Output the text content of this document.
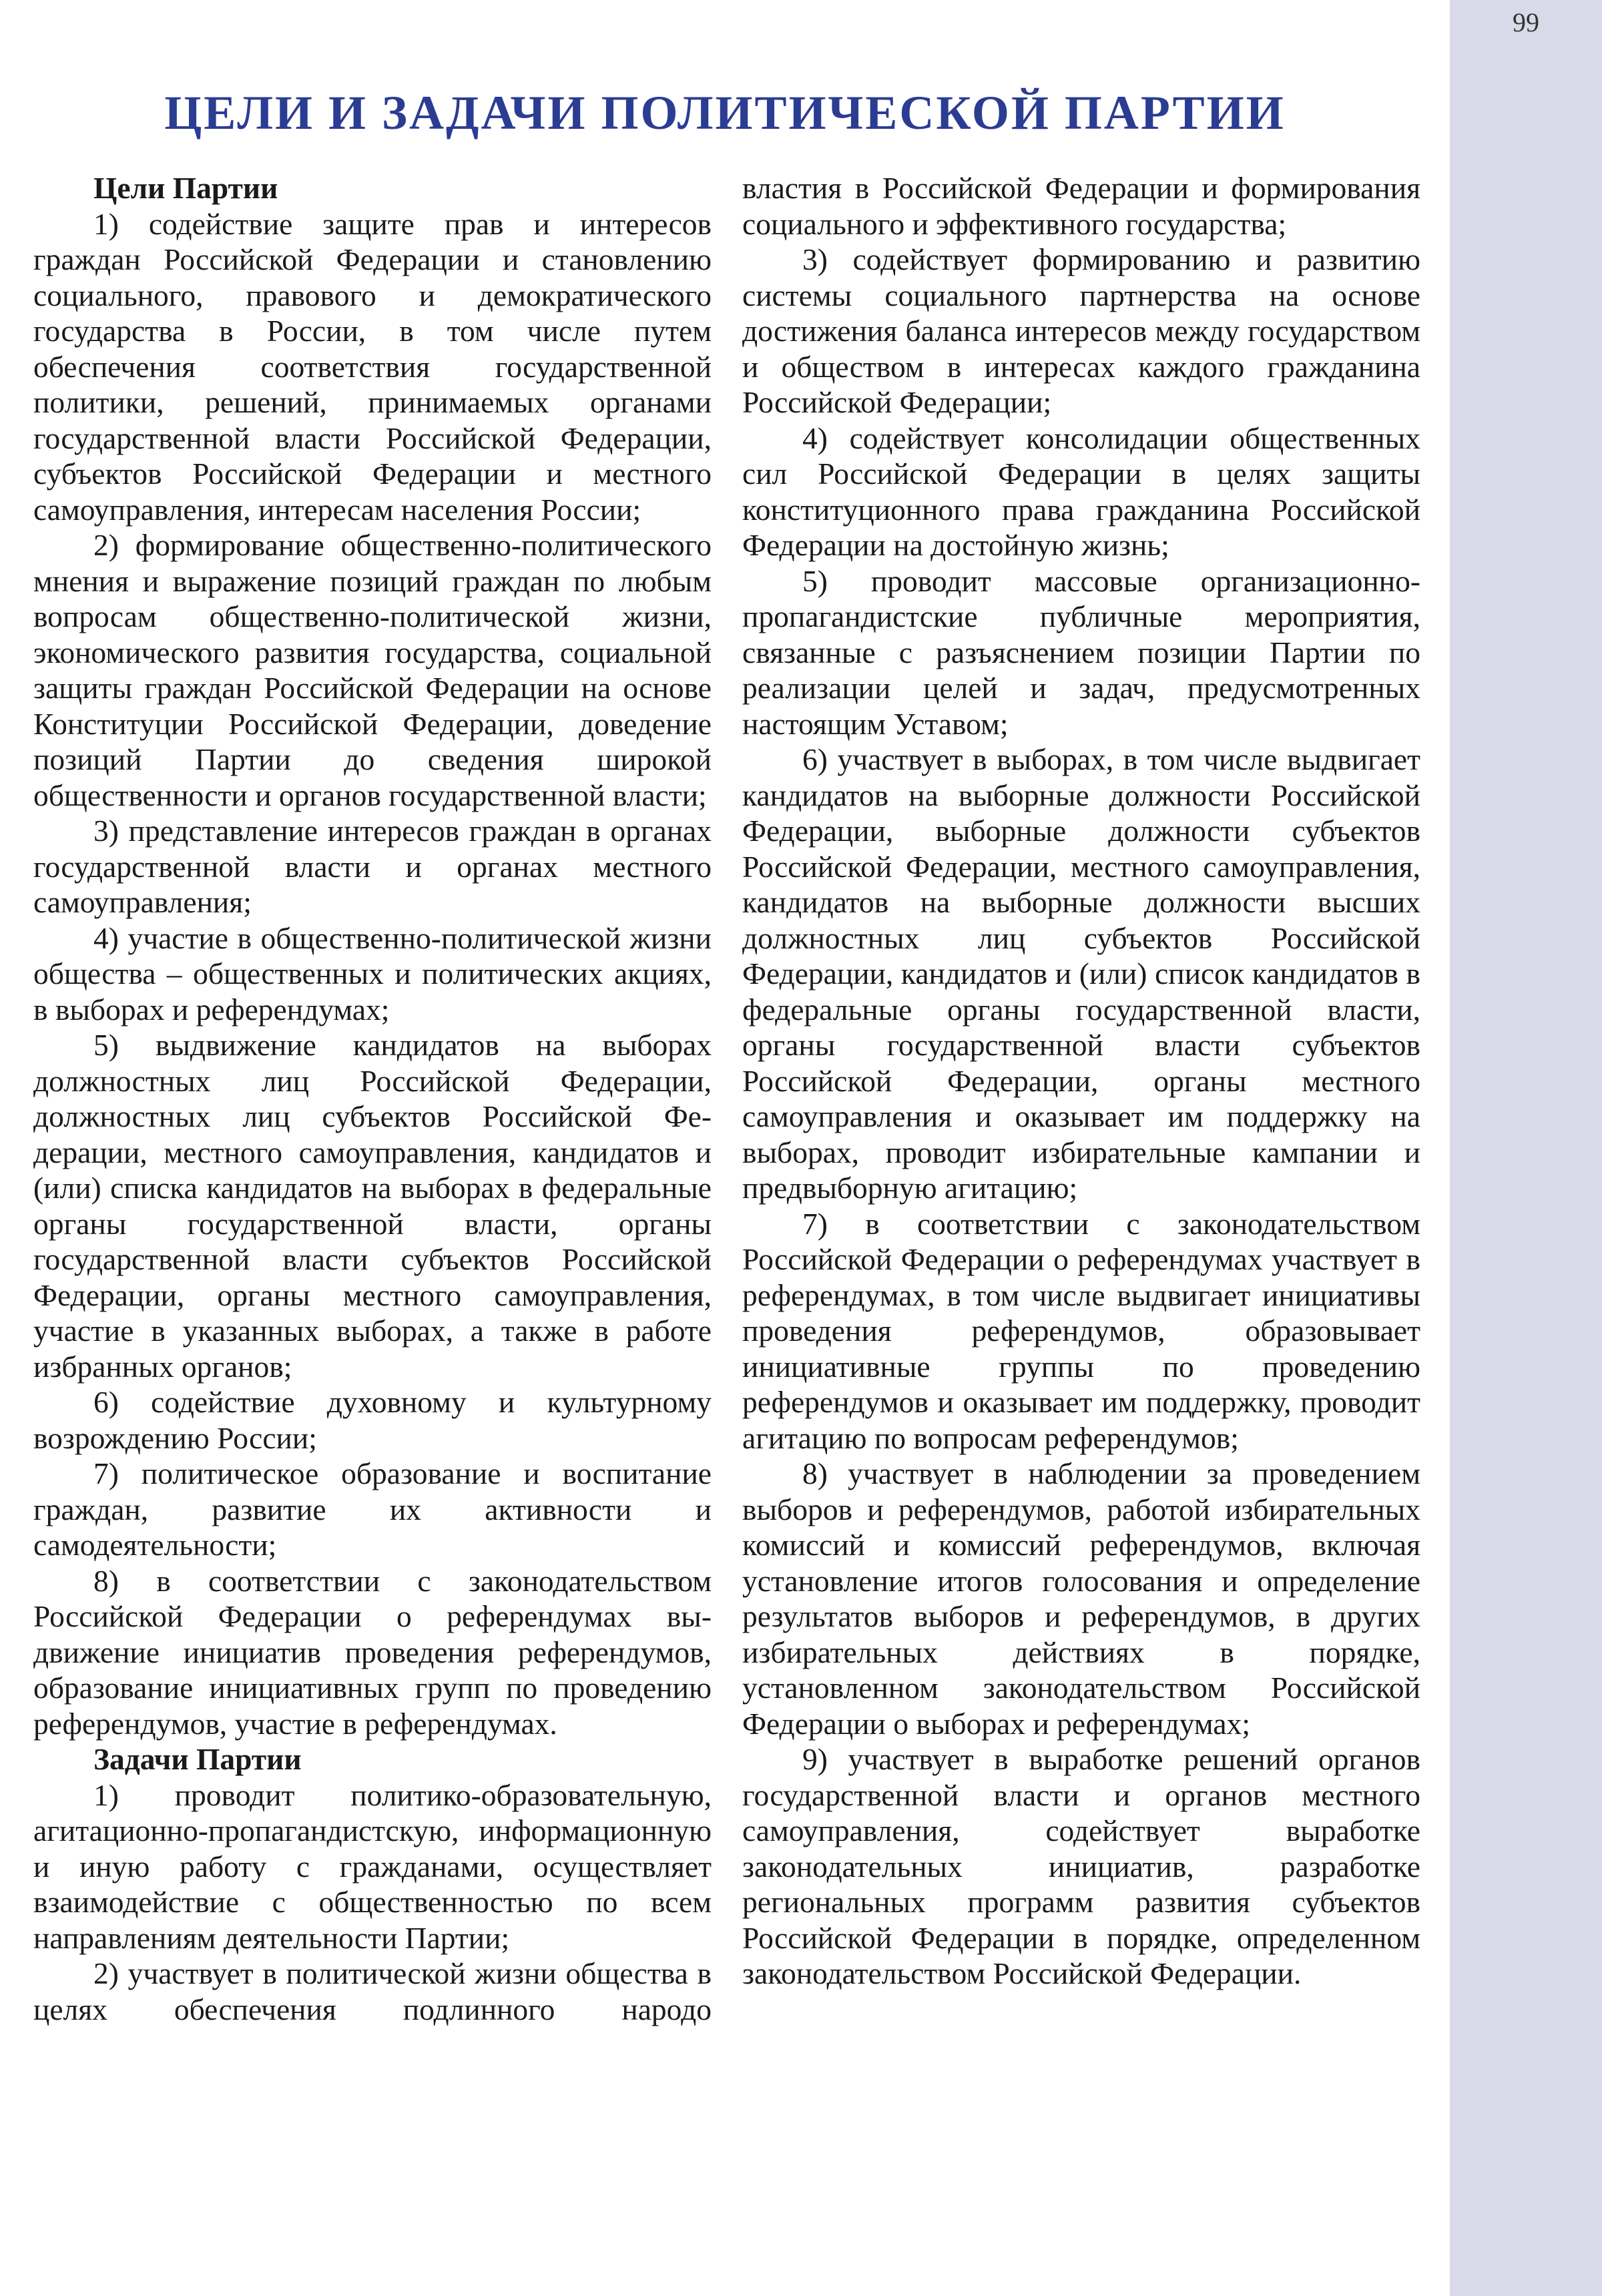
99
ЦЕЛИ И ЗАДАЧИ ПОЛИТИЧЕСКОЙ ПАРТИИ
Цели Партии

1) содействие защите прав и интересов граждан Российской Федерации и становлению социального, правового и демократического государства в России, в том числе путем обеспечения соответствия государственной политики, решений, принимаемых органами государственной власти Российской Федерации, субъектов Российской Федерации и местного самоуправления, интересам населения России;

2) формирование общественно-политического мнения и выражение позиций граждан по любым вопросам общественно-политической жизни, экономического развития государства, социальной защиты граждан Российской Федерации на основе Конституции Российской Федерации, доведение позиций Партии до сведения широкой общественности и органов государственной власти;

3) представление интересов граждан в органах государственной власти и органах местного самоуправления;

4) участие в общественно-политической жизни общества – общественных и политических акциях, в выборах и референдумах;

5) выдвижение кандидатов на выборах должностных лиц Российской Федерации, должностных лиц субъектов Российской Федерации, местного самоуправления, кандидатов и (или) списка кандидатов на выборах в федеральные органы государственной власти, органы государственной власти субъектов Российской Федерации, органы местного самоуправления, участие в указанных выборах, а также в работе избранных органов;

6) содействие духовному и культурному возрождению России;

7) политическое образование и воспитание граждан, развитие их активности и самодеятельности;

8) в соответствии с законодательством Российской Федерации о референдумах выдвижение инициатив проведения референдумов, образование инициативных групп по проведению референдумов, участие в референдумах.

Задачи Партии

1) проводит политико-образовательную, агитационно-пропагандистскую, информационную и иную работу с гражданами, осуществляет взаимодействие с общественностью по всем направлениям деятельности Партии;

2) участвует в политической жизни общества в целях обеспечения подлинного народо

властия в Российской Федерации и формирования социального и эффективного государства;

3) содействует формированию и развитию системы социального партнерства на основе достижения баланса интересов между государством и обществом в интересах каждого гражданина Российской Федерации;

4) содействует консолидации общественных сил Российской Федерации в целях защиты конституционного права гражданина Российской Федерации на достойную жизнь;

5) проводит массовые организационно-пропагандистские публичные мероприятия, связанные с разъяснением позиции Партии по реализации целей и задач, предусмотренных настоящим Уставом;

6) участвует в выборах, в том числе выдвигает кандидатов на выборные должности Российской Федерации, выборные должности субъектов Российской Федерации, местного самоуправления, кандидатов на выборные должности высших должностных лиц субъектов Российской Федерации, кандидатов и (или) список кандидатов в федеральные органы государственной власти, органы государственной власти субъектов Российской Федерации, органы местного самоуправления и оказывает им поддержку на выборах, проводит избирательные кампании и предвыборную агитацию;

7) в соответствии с законодательством Российской Федерации о референдумах участвует в референдумах, в том числе выдвигает инициативы проведения референдумов, образовывает инициативные группы по проведению референдумов и оказывает им поддержку, проводит агитацию по вопросам референдумов;

8) участвует в наблюдении за проведением выборов и референдумов, работой избирательных комиссий и комиссий референдумов, включая установление итогов голосования и определение результатов выборов и референдумов, в других избирательных действиях в порядке, установленном законодательством Российской Федерации о выборах и референдумах;

9) участвует в выработке решений органов государственной власти и органов местного самоуправления, содействует выработке законодательных инициатив, разработке региональных программ развития субъектов Российской Федерации в порядке, определенном законодательством Российской Федерации.
